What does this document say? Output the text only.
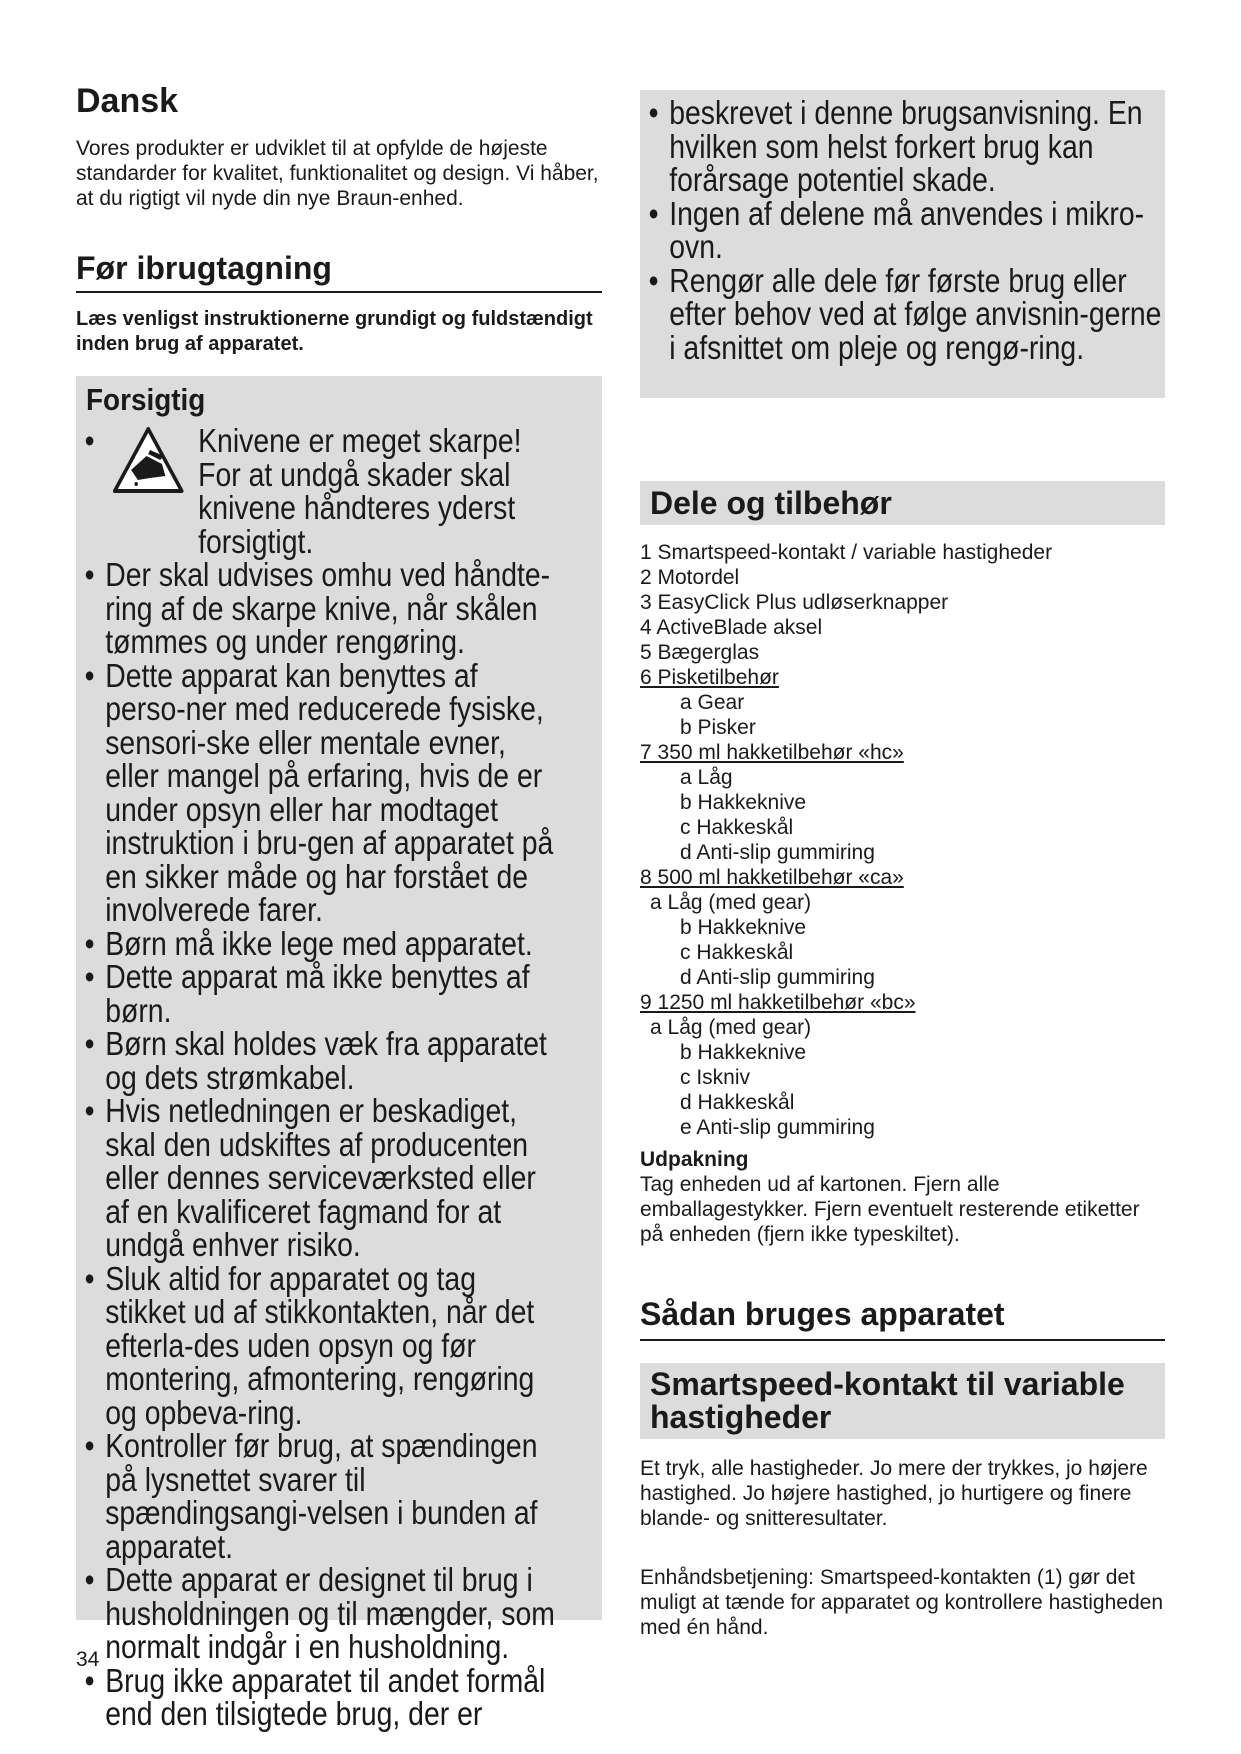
Dansk

Vores produkter er udviklet til at opfylde de højeste standarder for kvalitet, funktionalitet og design. Vi håber, at du rigtigt vil nyde din nye Braun-enhed.

Før ibrugtagning

Læs venligst instruktionerne grundigt og fuldstændigt inden brug af apparatet.

Forsigtig
• Knivene er meget skarpe! For at undgå skader skal knivene håndteres yderst forsigtigt.
• Der skal udvises omhu ved håndte-ring af de skarpe knive, når skålen tømmes og under rengøring.
• Dette apparat kan benyttes af perso-ner med reducerede fysiske, sensori-ske eller mentale evner, eller mangel på erfaring, hvis de er under opsyn eller har modtaget instruktion i bru-gen af apparatet på en sikker måde og har forstået de involverede farer.
• Børn må ikke lege med apparatet.
• Dette apparat må ikke benyttes af børn.
• Børn skal holdes væk fra apparatet og dets strømkabel.
• Hvis netledningen er beskadiget, skal den udskiftes af producenten eller dennes serviceværksted eller af en kvalificeret fagmand for at undgå enhver risiko.
• Sluk altid for apparatet og tag stikket ud af stikkontakten, når det efterla-des uden opsyn og før montering, afmontering, rengøring og opbeva-ring.
• Kontroller før brug, at spændingen på lysnettet svarer til spændingsangi-velsen i bunden af apparatet.
• Dette apparat er designet til brug i husholdningen og til mængder, som normalt indgår i en husholdning.
• Brug ikke apparatet til andet formål end den tilsigtede brug, der er
• beskrevet i denne brugsanvisning. En hvilken som helst forkert brug kan forårsage potentiel skade.
• Ingen af delene må anvendes i mikro-ovn.
• Rengør alle dele før første brug eller efter behov ved at følge anvisnin-gerne i afsnittet om pleje og rengø-ring.
Dele og tilbehør
1 Smartspeed-kontakt / variable hastigheder
2 Motordel
3 EasyClick Plus udløserknapper
4 ActiveBlade aksel
5 Bægerglas
6 Pisketilbehør
a Gear
b Pisker
7 350 ml hakketilbehør «hc»
a Låg
b Hakkeknive
c Hakkeskål
d Anti-slip gummiring
8 500 ml hakketilbehør «ca»
a Låg (med gear)
b Hakkeknive
c Hakkeskål
d Anti-slip gummiring
9 1250 ml hakketilbehør «bc»
a Låg (med gear)
b Hakkeknive
c Iskniv
d Hakkeskål
e Anti-slip gummiring
Udpakning

Tag enheden ud af kartonen. Fjern alle emballagestykker. Fjern eventuelt resterende etiketter på enheden (fjern ikke typeskiltet).

Sådan bruges apparatet
Smartspeed-kontakt til variable hastigheder

Et tryk, alle hastigheder. Jo mere der trykkes, jo højere hastighed. Jo højere hastighed, jo hurtigere og finere blande- og snitteresultater.

Enhåndsbetjening: Smartspeed-kontakten (1) gør det muligt at tænde for apparatet og kontrollere hastigheden med én hånd.

34
